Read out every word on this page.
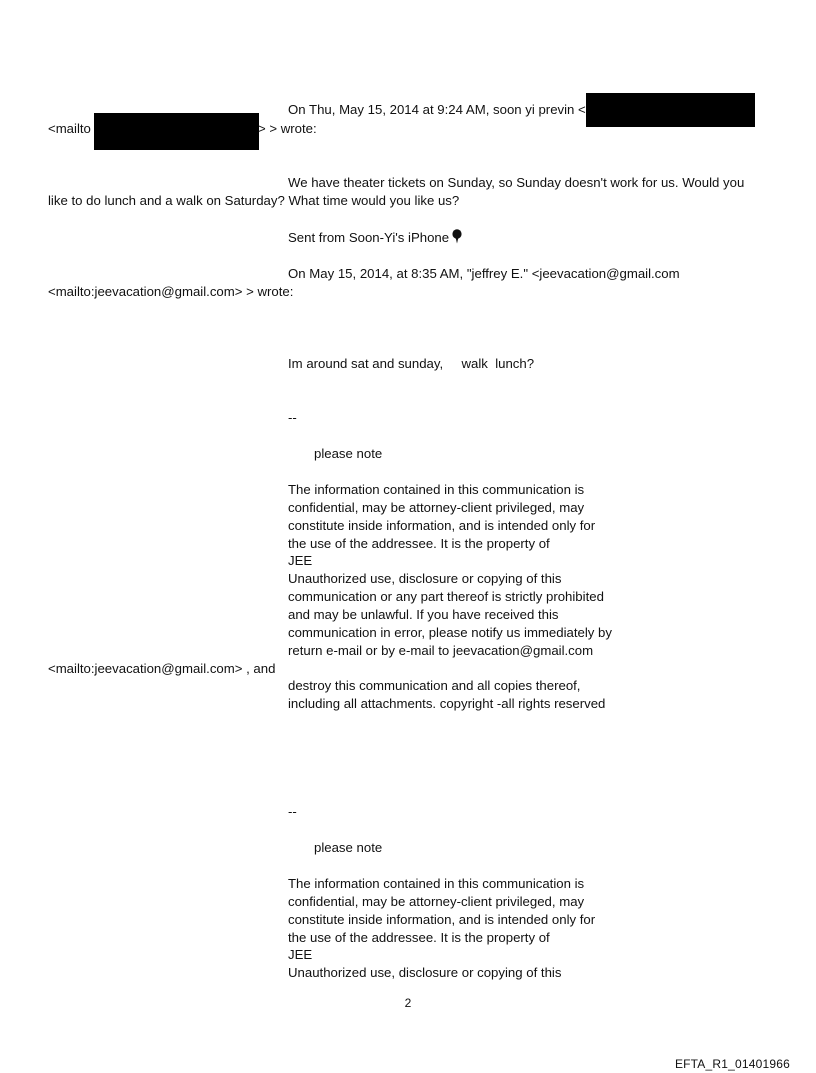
On Thu, May 15, 2014 at 9:24 AM, soon yi previn <
<mailto	> > wrote:
We have theater tickets on Sunday, so Sunday doesn't work for us. Would you
like to do lunch and a walk on Saturday? What time would you like us?
Sent from Soon-Yi's iPhone
On May 15, 2014, at 8:35 AM, "jeffrey E." <jeevacation@gmail.com
<mailto:jeevacation@gmail.com> > wrote:
Im around sat and sunday,     walk  lunch?
--
please note
The information contained in this communication is
confidential, may be attorney-client privileged, may
constitute inside information, and is intended only for
the use of the addressee. It is the property of
JEE
Unauthorized use, disclosure or copying of this
communication or any part thereof is strictly prohibited
and may be unlawful. If you have received this
communication in error, please notify us immediately by
return e-mail or by e-mail to jeevacation@gmail.com
<mailto:jeevacation@gmail.com> , and
destroy this communication and all copies thereof,
including all attachments. copyright -all rights reserved
--
please note
The information contained in this communication is
confidential, may be attorney-client privileged, may
constitute inside information, and is intended only for
the use of the addressee. It is the property of
JEE
Unauthorized use, disclosure or copying of this
2
EFTA_R1_01401966
